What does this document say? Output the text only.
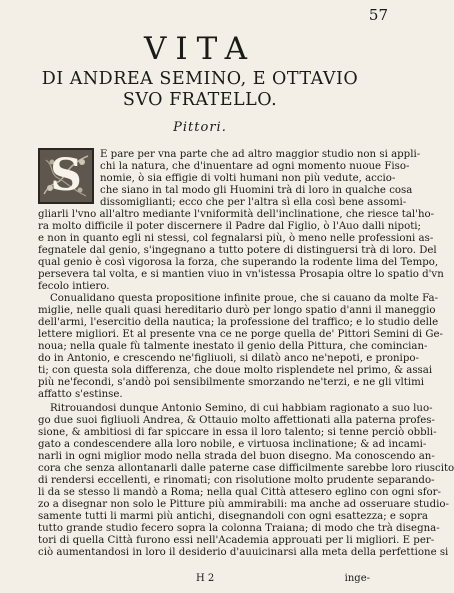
57
VITA
DI ANDREA SEMINO, E OTTAVIO
SVO FRATELLO.
Pittori.
S E pare per vna parte che ad altro maggior studio non si appli-
chi la natura, che d'inuentare ad ogni momento nuoue Fiso-
nomie, ò sia effigie di volti humani non più vedute, accio-
che siano in tal modo gli Huomini trà di loro in qualche cosa
dissomiglianti; ecco che per l'altra sì ella così bene assomi-
gliarli l'vno all'altro mediante l'vniformità dell'inclinatione, che riesce tal'ho-
ra molto difficile il poter discernere il Padre dal Figlio, ò l'Auo dalli nipoti;
e non in quanto egli ni stessi, col fegnalarsi più, ò meno nelle professioni as-
fegnatele dal genio, s'ingegnano a tutto potere di distinguersi trà di loro. Del
qual genio è così vigorosa la forza, che superando la rodente lima del Tempo,
persevera tal volta, e si mantien viuo in vn'istessa Prosapia oltre lo spatio d'vn
fecolo intiero.
Conualidano questa propositione infinite proue, che si cauano da molte Fa-
miglie, nelle quali quasi hereditario durò per longo spatio d'anni il maneggio
dell'armi, l'esercitio della nautica; la professione del traffico; e lo studio delle
lettere migliori. Et al presente vna ce ne porge quella de' Pittori Semini di Ge-
noua; nella quale fù talmente inestato il genio della Pittura, che comincian-
do in Antonio, e crescendo ne'figliuoli, si dilatò anco ne'nepoti, e pronipo-
ti; con questa sola differenza, che doue molto risplendete nel primo, & assai
più ne'fecondi, s'andò poi sensibilmente smorzando ne'terzi, e ne gli vltimi
affatto s'estinse.
Ritrouandosi dunque Antonio Semino, di cui habbiam ragionato a suo luo-
go due suoi figliuoli Andrea, & Ottauio molto affettionati alla paterna profes-
sione, & ambitiosi di far spiccare in essa il loro talento; si tenne perciò obbli-
gato a condescendere alla loro nobile, e virtuosa inclinatione; & ad incami-
narli in ogni miglior modo nella strada del buon disegno. Ma conoscendo an-
cora che senza allontanarli dalle paterne case difficilmente sarebbe loro riuscito
di rendersi eccellenti, e rinomati; con risolutione molto prudente separando-
li da se stesso li mandò a Roma; nella qual Città attesero eglino con ogni sfor-
zo a disegnar non solo le Pitture più ammirabili: ma anche ad osseruare studio-
samente tutti li marmi più antichi, disegnandoli con ogni esattezza; e sopra
tutto grande studio fecero sopra la colonna Traiana; di modo che trà disegna-
tori di quella Città furono essi nell'Academia approuati per li migliori. E per-
ciò aumentandosi in loro il desiderio d'auuicinarsi alla meta della perfettione si
H 2	inge-
